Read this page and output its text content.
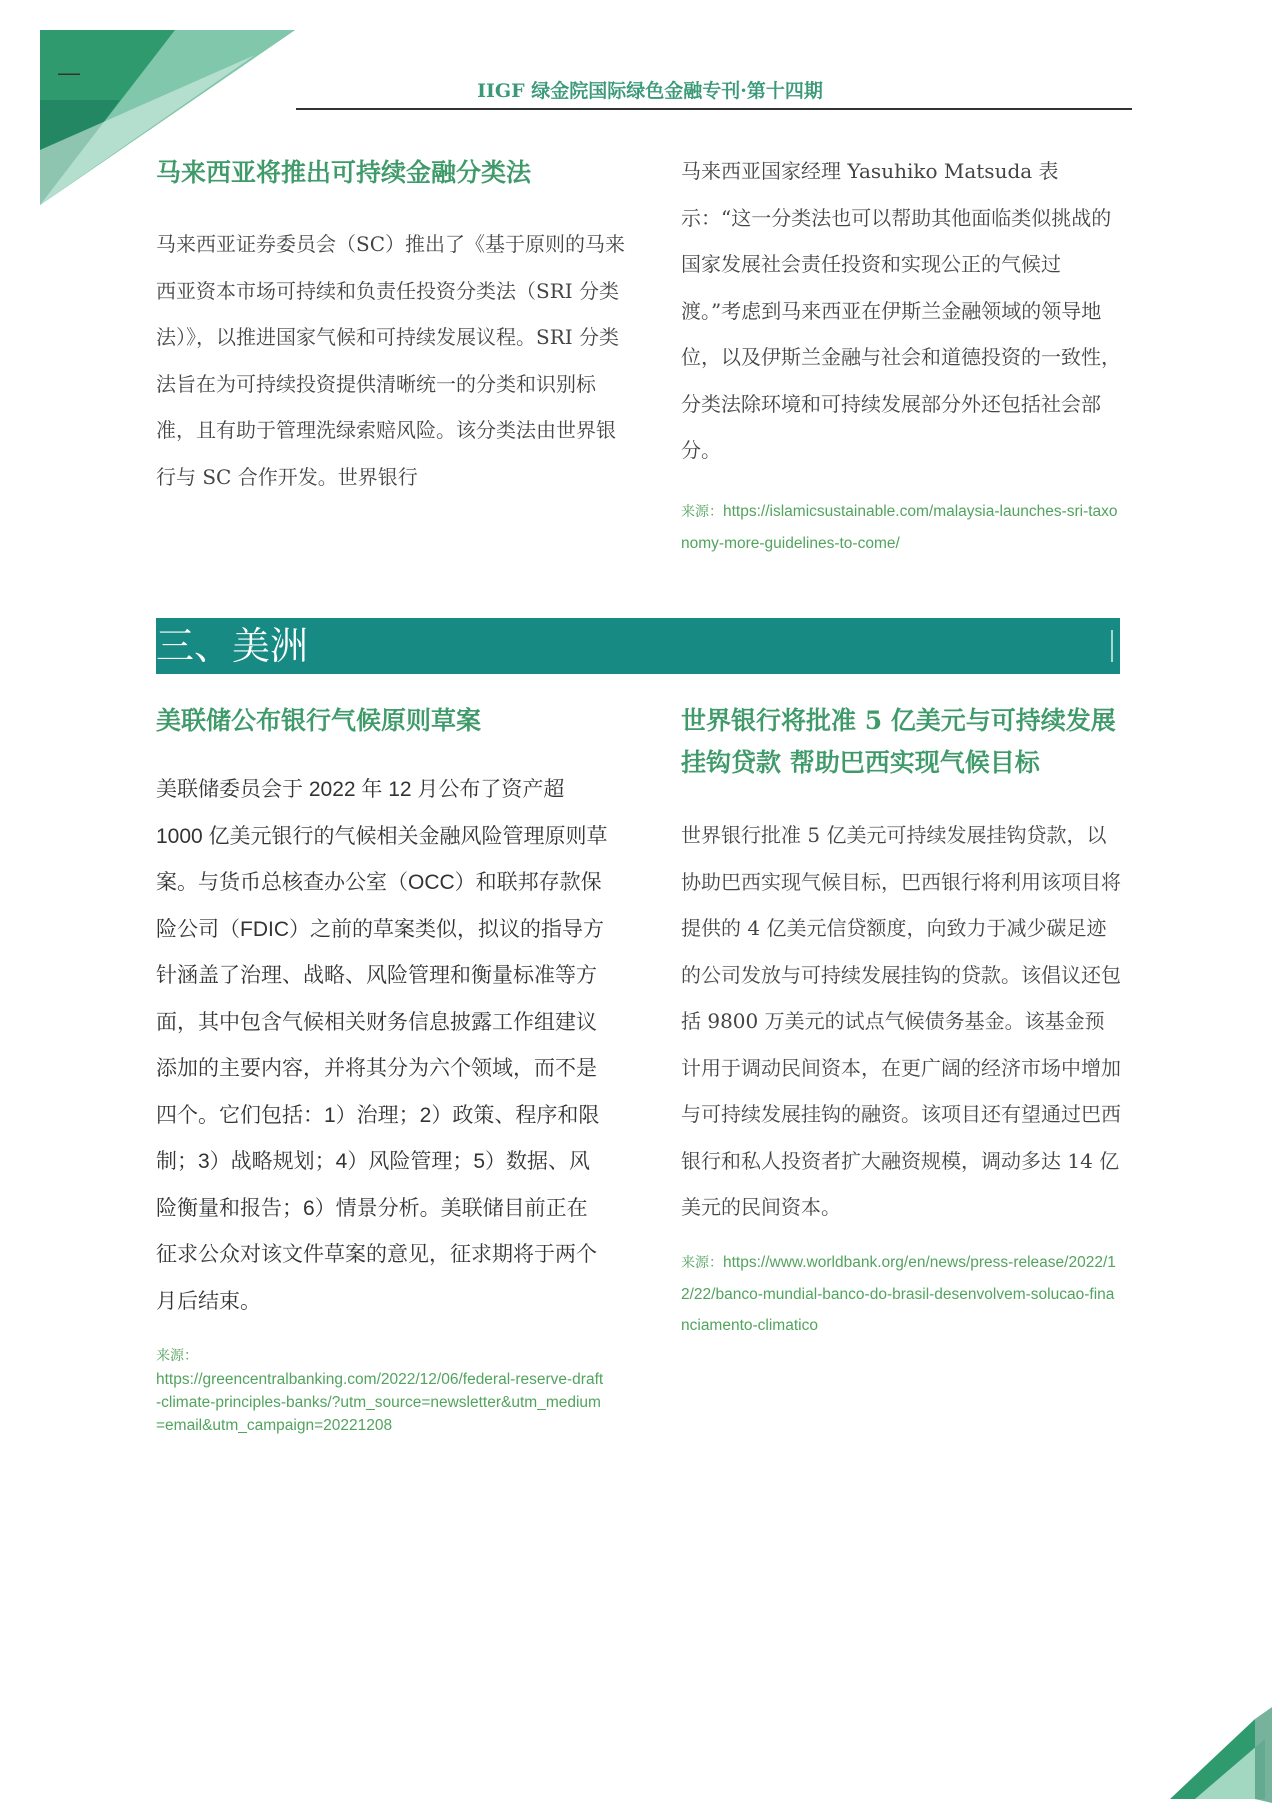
—
IIGF 绿金院国际绿色金融专刊·第十四期
马来西亚将推出可持续金融分类法
马来西亚证券委员会（SC）推出了《基于原则的马来西亚资本市场可持续和负责任投资分类法（SRI 分类法）》，以推进国家气候和可持续发展议程。SRI 分类法旨在为可持续投资提供清晰统一的分类和识别标准，且有助于管理洗绿索赔风险。该分类法由世界银行与 SC 合作开发。世界银行
马来西亚国家经理 Yasuhiko Matsuda 表示：“这一分类法也可以帮助其他面临类似挑战的国家发展社会责任投资和实现公正的气候过渡。”考虑到马来西亚在伊斯兰金融领域的领导地位，以及伊斯兰金融与社会和道德投资的一致性，分类法除环境和可持续发展部分外还包括社会部分。
来源：https://islamicsustainable.com/malaysia-launches-sri-taxonomy-more-guidelines-to-come/
三、美洲
美联储公布银行气候原则草案
美联储委员会于 2022 年 12 月公布了资产超 1000 亿美元银行的气候相关金融风险管理原则草案。与货币总核查办公室（OCC）和联邦存款保险公司（FDIC）之前的草案类似，拟议的指导方针涵盖了治理、战略、风险管理和衡量标准等方面，其中包含气候相关财务信息披露工作组建议添加的主要内容，并将其分为六个领域，而不是四个。它们包括：1）治理；2）政策、程序和限制；3）战略规划；4）风险管理；5）数据、风险衡量和报告；6）情景分析。美联储目前正在征求公众对该文件草案的意见，征求期将于两个月后结束。
来源：
https://greencentralbanking.com/2022/12/06/federal-reserve-draft-climate-principles-banks/?utm_source=newsletter&utm_medium=email&utm_campaign=20221208
世界银行将批准 5 亿美元与可持续发展挂钩贷款 帮助巴西实现气候目标
世界银行批准 5 亿美元可持续发展挂钩贷款，以协助巴西实现气候目标，巴西银行将利用该项目将提供的 4 亿美元信贷额度，向致力于减少碳足迹的公司发放与可持续发展挂钩的贷款。该倡议还包括 9800 万美元的试点气候债务基金。该基金预计用于调动民间资本，在更广阔的经济市场中增加与可持续发展挂钩的融资。该项目还有望通过巴西银行和私人投资者扩大融资规模，调动多达 14 亿美元的民间资本。
来源：https://www.worldbank.org/en/news/press-release/2022/12/22/banco-mundial-banco-do-brasil-desenvolvem-solucao-financiamento-climatico
